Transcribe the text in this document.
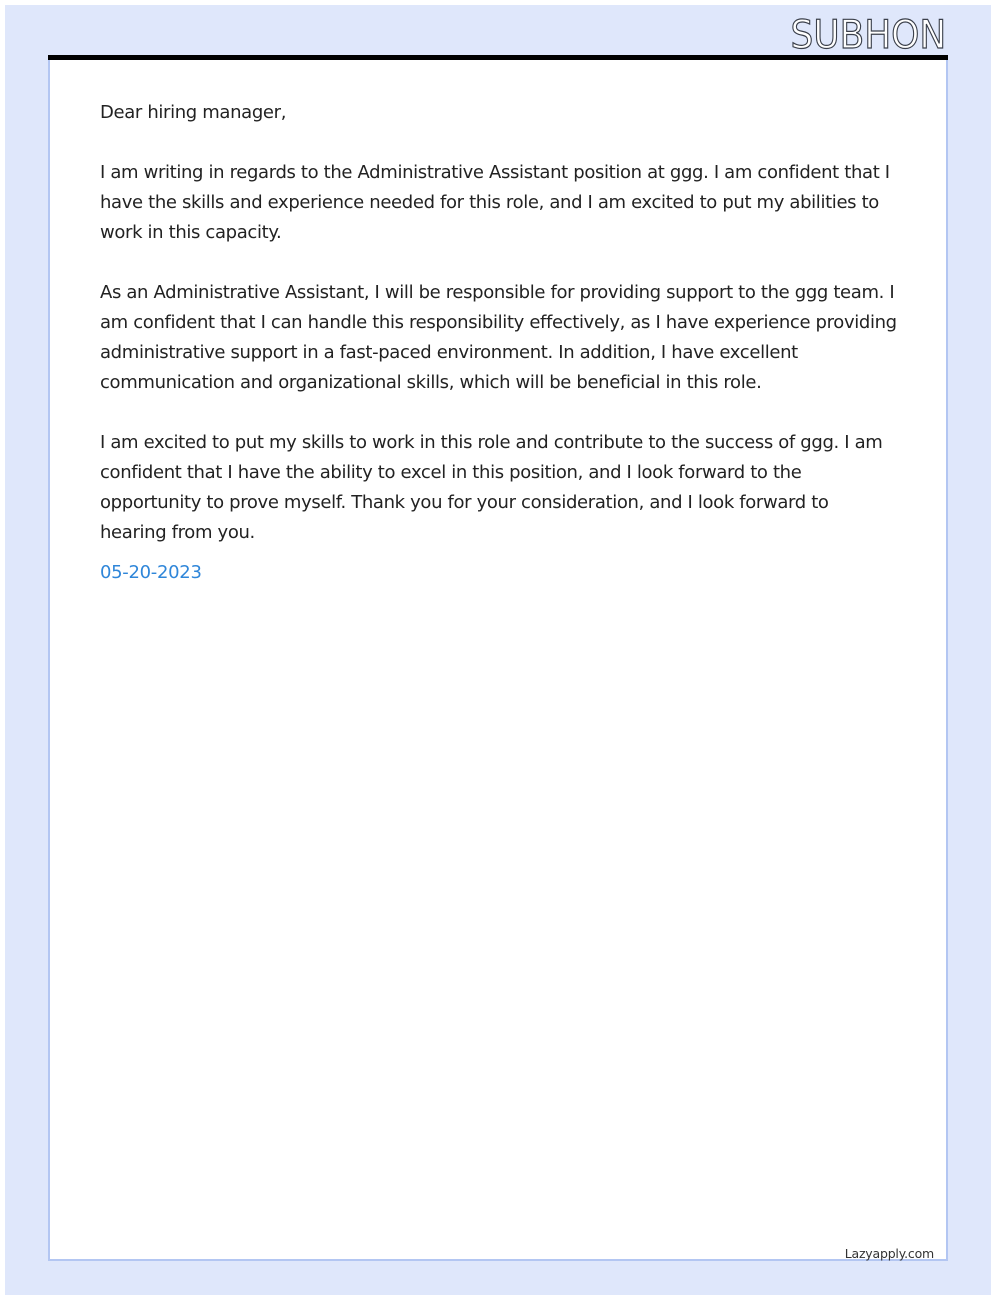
SUBHON

Dear hiring manager,

I am writing in regards to the Administrative Assistant position at ggg. I am confident that I have the skills and experience needed for this role, and I am excited to put my abilities to work in this capacity.

As an Administrative Assistant, I will be responsible for providing support to the ggg team. I am confident that I can handle this responsibility effectively, as I have experience providing administrative support in a fast-paced environment. In addition, I have excellent communication and organizational skills, which will be beneficial in this role.

I am excited to put my skills to work in this role and contribute to the success of ggg. I am confident that I have the ability to excel in this position, and I look forward to the opportunity to prove myself. Thank you for your consideration, and I look forward to hearing from you.

05-20-2023
Lazyapply.com
